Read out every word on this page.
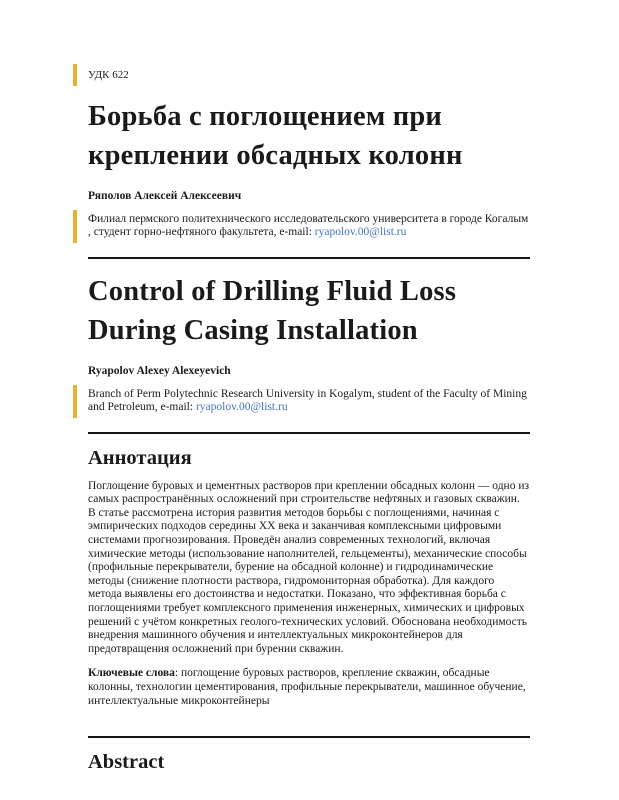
УДК 622
Борьба с поглощением при креплении обсадных колонн

Ряполов Алексей Алексеевич

Филиал пермского политехнического исследовательского университета в городе Когалым , студент горно-нефтяного факультета, e-mail: ryapolov.00@list.ru

Control of Drilling Fluid Loss During Casing Installation

Ryapolov Alexey Alexeyevich

Branch of Perm Polytechnic Research University in Kogalym, student of the Faculty of Mining and Petroleum, e-mail: ryapolov.00@list.ru

Аннотация

Поглощение буровых и цементных растворов при креплении обсадных колонн — одно из самых распространённых осложнений при строительстве нефтяных и газовых скважин. В статье рассмотрена история развития методов борьбы с поглощениями, начиная с эмпирических подходов середины XX века и заканчивая комплексными цифровыми системами прогнозирования. Проведён анализ современных технологий, включая химические методы (использование наполнителей, гельцементы), механические способы (профильные перекрыватели, бурение на обсадной колонне) и гидродинамические методы (снижение плотности раствора, гидромониторная обработка). Для каждого метода выявлены его достоинства и недостатки. Показано, что эффективная борьба с поглощениями требует комплексного применения инженерных, химических и цифровых решений с учётом конкретных геолого-технических условий. Обоснована необходимость внедрения машинного обучения и интеллектуальных микроконтейнеров для предотвращения осложнений при бурении скважин.

Ключевые слова: поглощение буровых растворов, крепление скважин, обсадные колонны, технологии цементирования, профильные перекрыватели, машинное обучение, интеллектуальные микроконтейнеры

Abstract
